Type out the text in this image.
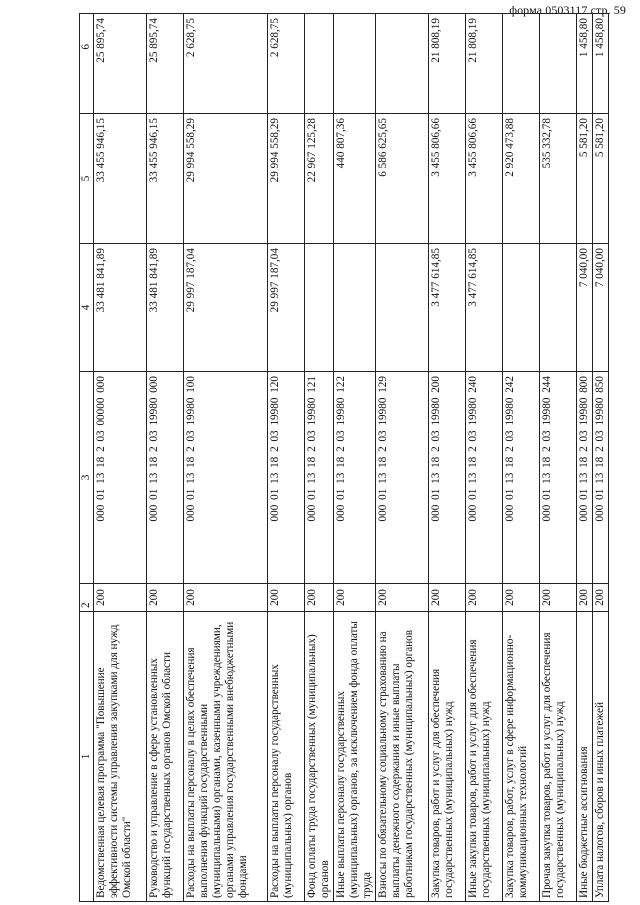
форма 0503117 стр. 59
1	2	3	4	5	6
Ведомственная целевая программа "Повышение эффективности системы управления закупками для нужд Омской области"	200	000 01 13 18 2 03 00000 000	33 481 841,89	33 455 946,15	25 895,74
Руководство и управление в сфере установленных функций государственных органов Омской области	200	000 01 13 18 2 03 19980 000	33 481 841,89	33 455 946,15	25 895,74
Расходы на выплаты персоналу в целях обеспечения выполнения функций государственными (муниципальными) органами, казенными учреждениями, органами управления государственными внебюджетными фондами	200	000 01 13 18 2 03 19980 100	29 997 187,04	29 994 558,29	2 628,75
Расходы на выплаты персоналу государственных (муниципальных) органов	200	000 01 13 18 2 03 19980 120	29 997 187,04	29 994 558,29	2 628,75
Фонд оплаты труда государственных (муниципальных) органов	200	000 01 13 18 2 03 19980 121		22 967 125,28	
Иные выплаты персоналу государственных (муниципальных) органов, за исключением фонда оплаты труда	200	000 01 13 18 2 03 19980 122		440 807,36	
Взносы по обязательному социальному страхованию на выплаты денежного содержания и иные выплаты работникам государственных (муниципальных) органов	200	000 01 13 18 2 03 19980 129		6 586 625,65	
Закупка товаров, работ и услуг для обеспечения государственных (муниципальных) нужд	200	000 01 13 18 2 03 19980 200	3 477 614,85	3 455 806,66	21 808,19
Иные закупки товаров, работ и услуг для обеспечения государственных (муниципальных) нужд	200	000 01 13 18 2 03 19980 240	3 477 614,85	3 455 806,66	21 808,19
Закупка товаров, работ, услуг в сфере информационно-коммуникационных технологий	200	000 01 13 18 2 03 19980 242		2 920 473,88	
Прочая закупка товаров, работ и услуг для обеспечения государственных (муниципальных) нужд	200	000 01 13 18 2 03 19980 244		535 332,78	
Иные бюджетные ассигнования	200	000 01 13 18 2 03 19980 800	7 040,00	5 581,20	1 458,80
Уплата налогов, сборов и иных платежей	200	000 01 13 18 2 03 19980 850	7 040,00	5 581,20	1 458,80
